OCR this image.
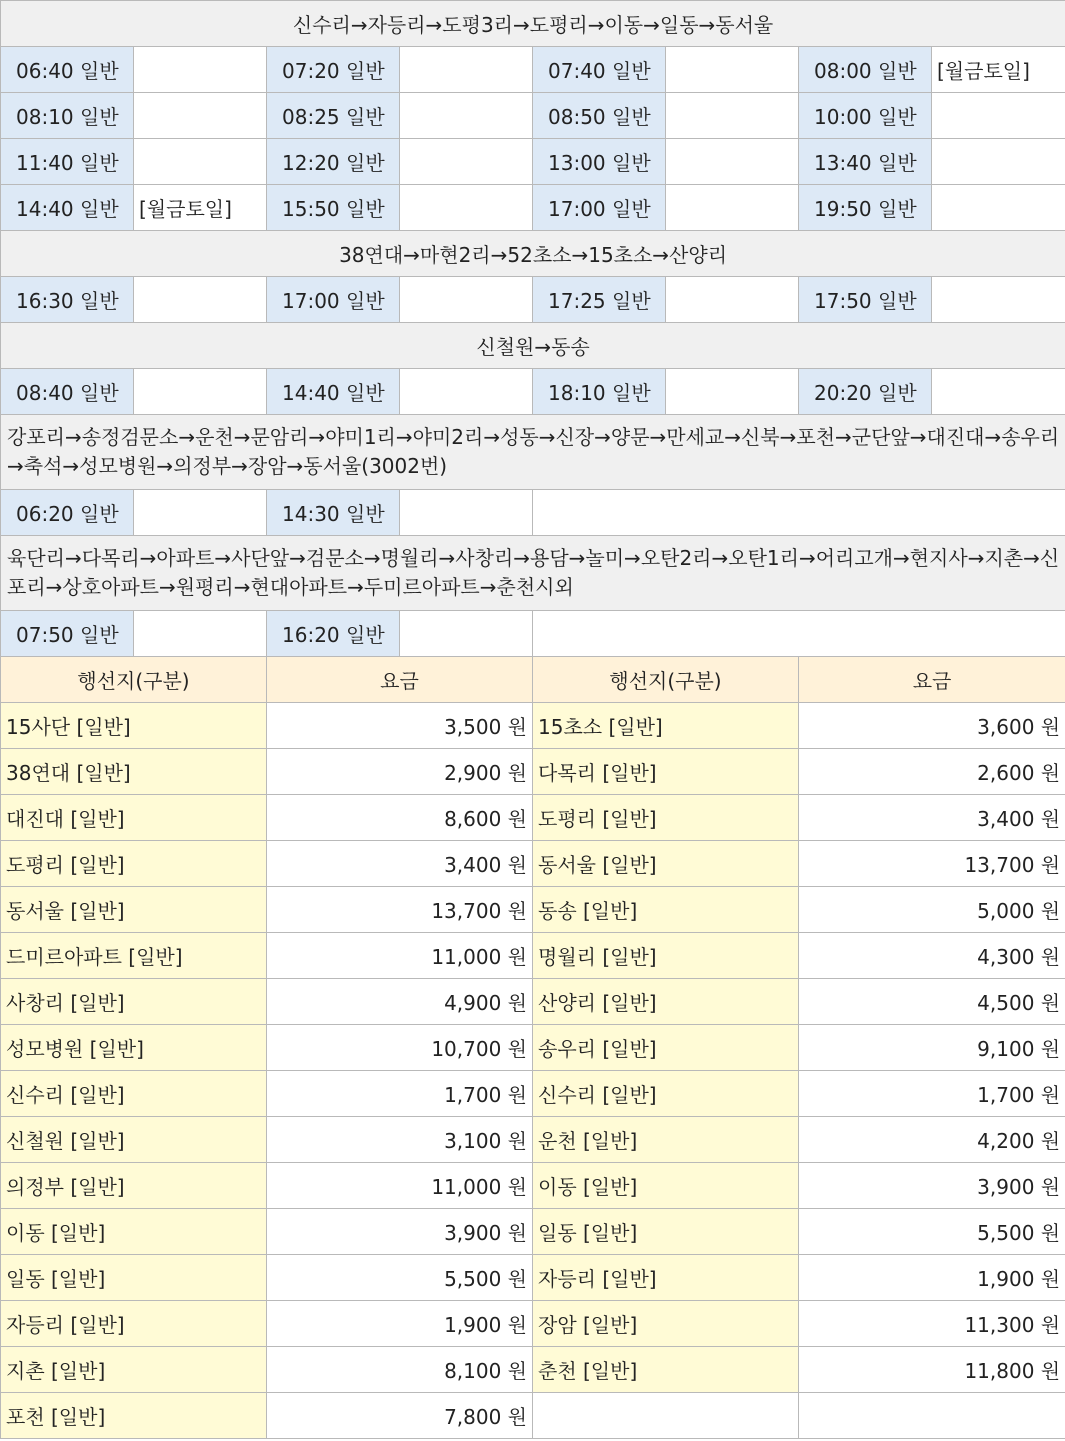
신수리→자등리→도평3리→도평리→이동→일동→동서울								
06:40 일반		07:20 일반		07:40 일반		08:00 일반	[월금토일]	
08:10 일반		08:25 일반		08:50 일반		10:00 일반		
11:40 일반		12:20 일반		13:00 일반		13:40 일반		
14:40 일반	[월금토일]	15:50 일반		17:00 일반		19:50 일반		
38연대→마현2리→52초소→15초소→산양리								
16:30 일반		17:00 일반		17:25 일반		17:50 일반		
신철원→동송								
08:40 일반		14:40 일반		18:10 일반		20:20 일반		
강포리→송정검문소→운천→문암리→야미1리→야미2리→성동→신장→양문→만세교→신북→포천→군단앞→대진대→송우리→축석→성모병원→의정부→장암→동서울(3002번)								
06:20 일반		14:30 일반						
육단리→다목리→아파트→사단앞→검문소→명월리→사창리→용담→놀미→오탄2리→오탄1리→어리고개→현지사→지촌→신포리→상호아파트→원평리→현대아파트→두미르아파트→춘천시외								
07:50 일반		16:20 일반						
행선지(구분)		요금		행선지(구분)		요금		
15사단 [일반]		3,500 원		15초소 [일반]		3,600 원		
38연대 [일반]		2,900 원		다목리 [일반]		2,600 원		
대진대 [일반]		8,600 원		도평리 [일반]		3,400 원		
도평리 [일반]		3,400 원		동서울 [일반]		13,700 원		
동서울 [일반]		13,700 원		동송 [일반]		5,000 원		
드미르아파트 [일반]		11,000 원		명월리 [일반]		4,300 원		
사창리 [일반]		4,900 원		산양리 [일반]		4,500 원		
성모병원 [일반]		10,700 원		송우리 [일반]		9,100 원		
신수리 [일반]		1,700 원		신수리 [일반]		1,700 원		
신철원 [일반]		3,100 원		운천 [일반]		4,200 원		
의정부 [일반]		11,000 원		이동 [일반]		3,900 원		
이동 [일반]		3,900 원		일동 [일반]		5,500 원		
일동 [일반]		5,500 원		자등리 [일반]		1,900 원		
자등리 [일반]		1,900 원		장암 [일반]		11,300 원		
지촌 [일반]		8,100 원		춘천 [일반]		11,800 원		
포천 [일반]		7,800 원						
